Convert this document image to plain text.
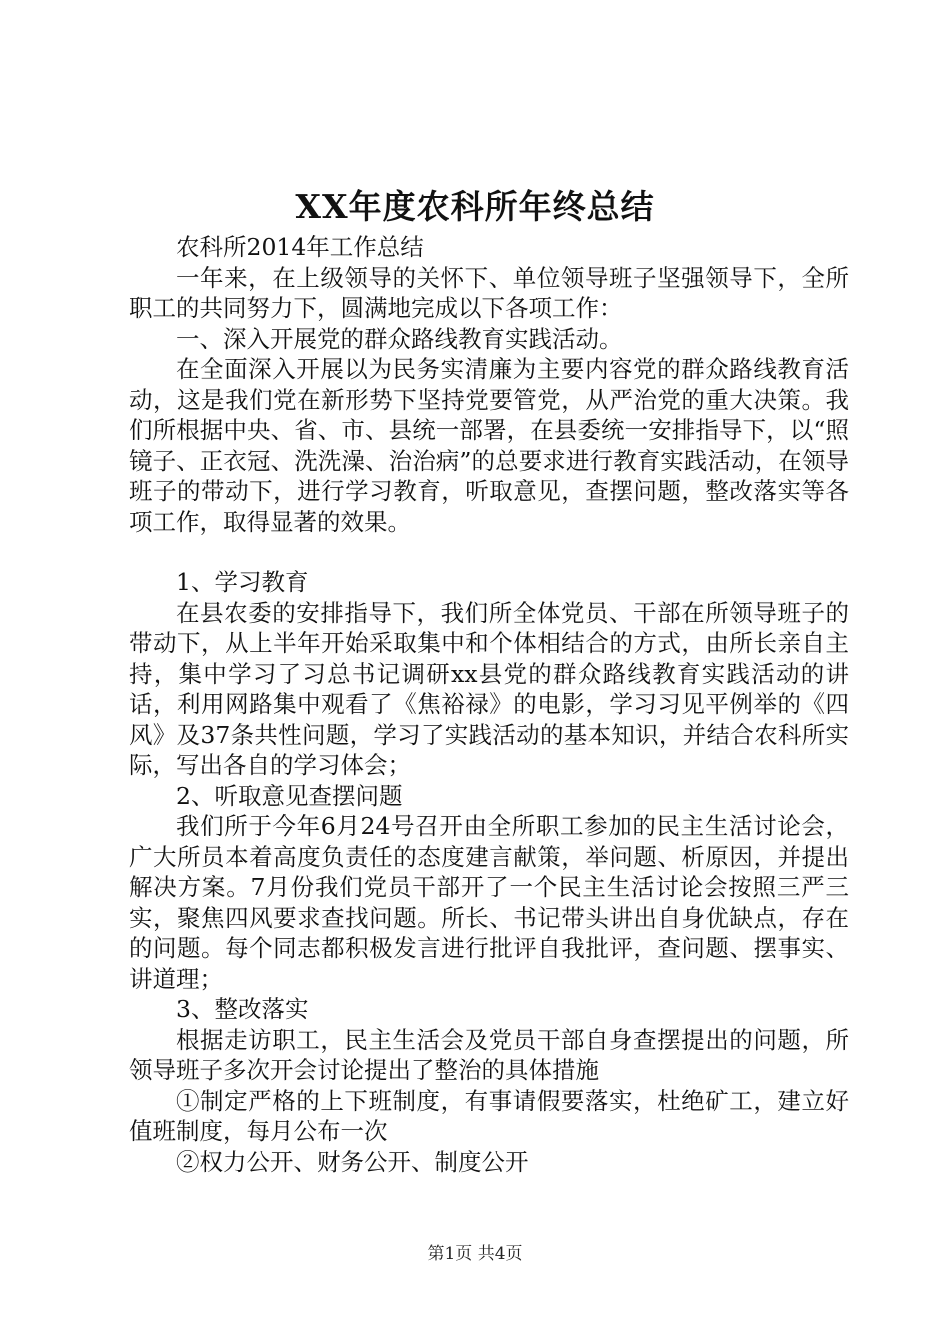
XX年度农科所年终总结

农科所2014年工作总结

一年来，在上级领导的关怀下、单位领导班子坚强领导下，全所职工的共同努力下，圆满地完成以下各项工作：

一、深入开展党的群众路线教育实践活动。

在全面深入开展以为民务实清廉为主要内容党的群众路线教育活动，这是我们党在新形势下坚持党要管党，从严治党的重大决策。我们所根据中央、省、市、县统一部署，在县委统一安排指导下，以“照镜子、正衣冠、洗洗澡、治治病”的总要求进行教育实践活动，在领导班子的带动下，进行学习教育，听取意见，查摆问题，整改落实等各项工作，取得显著的效果。

1、学习教育

在县农委的安排指导下，我们所全体党员、干部在所领导班子的带动下，从上半年开始采取集中和个体相结合的方式，由所长亲自主持，集中学习了习总书记调研xx县党的群众路线教育实践活动的讲话，利用网路集中观看了《焦裕禄》的电影，学习习见平例举的《四风》及37条共性问题，学习了实践活动的基本知识，并结合农科所实际，写出各自的学习体会；

2、听取意见查摆问题

我们所于今年6月24号召开由全所职工参加的民主生活讨论会，广大所员本着高度负责任的态度建言献策，举问题、析原因，并提出解决方案。7月份我们党员干部开了一个民主生活讨论会按照三严三实，聚焦四风要求查找问题。所长、书记带头讲出自身优缺点，存在的问题。每个同志都积极发言进行批评自我批评，查问题、摆事实、讲道理；

3、整改落实

根据走访职工，民主生活会及党员干部自身查摆提出的问题，所领导班子多次开会讨论提出了整治的具体措施

①制定严格的上下班制度，有事请假要落实，杜绝矿工，建立好值班制度，每月公布一次

②权力公开、财务公开、制度公开

第1页 共4页
